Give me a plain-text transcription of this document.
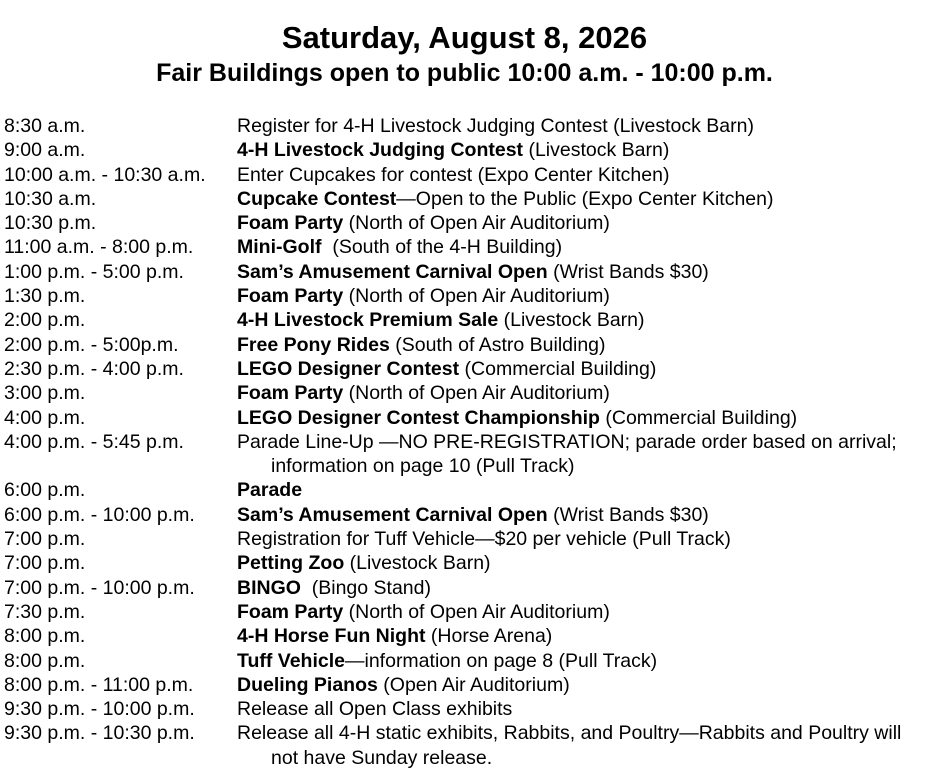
Saturday, August 8, 2026
Fair Buildings open to public 10:00 a.m. - 10:00 p.m.
8:30 a.m.	Register for 4-H Livestock Judging Contest (Livestock Barn)
9:00 a.m.	4-H Livestock Judging Contest (Livestock Barn)
10:00 a.m. - 10:30 a.m.	Enter Cupcakes for contest (Expo Center Kitchen)
10:30 a.m.	Cupcake Contest—Open to the Public (Expo Center Kitchen)
10:30 p.m.	Foam Party (North of Open Air Auditorium)
11:00 a.m. - 8:00 p.m.	Mini-Golf  (South of the 4-H Building)
1:00 p.m. - 5:00 p.m.	Sam’s Amusement Carnival Open (Wrist Bands $30)
1:30 p.m.	Foam Party (North of Open Air Auditorium)
2:00 p.m.	4-H Livestock Premium Sale (Livestock Barn)
2:00 p.m. - 5:00p.m.	Free Pony Rides (South of Astro Building)
2:30 p.m. - 4:00 p.m.	LEGO Designer Contest (Commercial Building)
3:00 p.m.	Foam Party (North of Open Air Auditorium)
4:00 p.m.	LEGO Designer Contest Championship (Commercial Building)
4:00 p.m. - 5:45 p.m.	Parade Line-Up —NO PRE-REGISTRATION; parade order based on arrival; information on page 10 (Pull Track)
6:00 p.m.	Parade
6:00 p.m. - 10:00 p.m.	Sam’s Amusement Carnival Open (Wrist Bands $30)
7:00 p.m.	Registration for Tuff Vehicle—$20 per vehicle (Pull Track)
7:00 p.m.	Petting Zoo (Livestock Barn)
7:00 p.m. - 10:00 p.m.	BINGO  (Bingo Stand)
7:30 p.m.	Foam Party (North of Open Air Auditorium)
8:00 p.m.	4-H Horse Fun Night (Horse Arena)
8:00 p.m.	Tuff Vehicle—information on page 8 (Pull Track)
8:00 p.m. - 11:00 p.m.	Dueling Pianos (Open Air Auditorium)
9:30 p.m. - 10:00 p.m.	Release all Open Class exhibits
9:30 p.m. - 10:30 p.m.	Release all 4-H static exhibits, Rabbits, and Poultry—Rabbits and Poultry will not have Sunday release.
